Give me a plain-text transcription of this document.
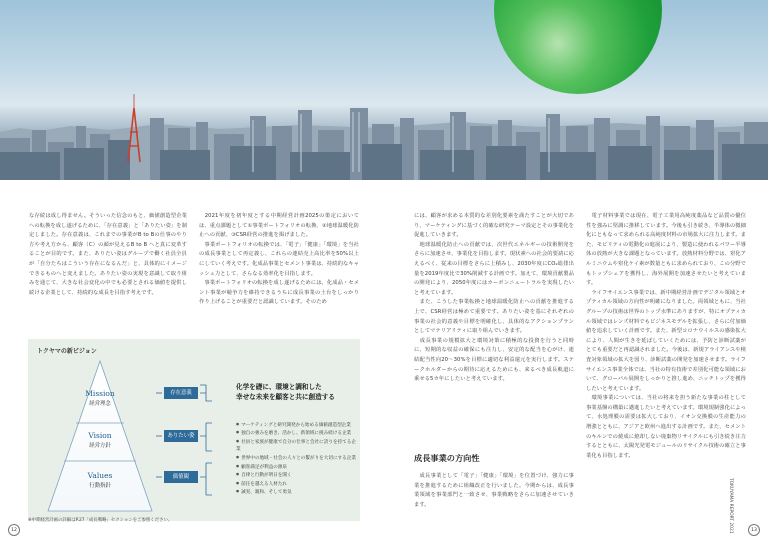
な存続は成し得ません。そういった信念のもと、価値創造型企業への転換を成し遂げるために、「存在意義」と「ありたい姿」を制定しました。存在意義は、これまでの事業がB to Bの仕事のやり方や考え方から、顧客（C）の顔が見えるB to B へと真に変革することが目的です。また、ありたい姿はグループで働く社員全員が「自分たちはこういう存在になるんだ」と、具体的にイメージできるものへと変えました。ありたい姿の実現を意識して取り組みを通じて、大きな社会変化の中でも必要とされる価値を提供し続ける企業として、持続的な成長を目指す考えです。
　2021年度を初年度とする中期経営計画2025の策定においては、重点課題として①事業ポートフォリオの転換、②地球温暖化防止への貢献、③CSR経営の推進を掲げました。
　事業ポートフォリオの転換では、「電子」「健康」「環境」を当社の成長事業として再定義し、これらの連結売上高比率を50%以上にしていく考えです。化成品事業とセメント事業は、持続的なキャッシュ力として、さらなる効率化を目指します。
　事業ポートフォリオの転換を成し遂げるためには、化成品・セメント事業が競争力を維持できるうちに成長事業の土台をしっかり作り上げることが重要だと認識しています。そのため
には、顧客が求める本質的な差別化要素を満たすことが大切であり、マーケティングに基づく的確な研究テーマ設定とその事業化を促進していきます。
　地球温暖化防止への貢献では、次世代エネルギーの技術開発をさらに加速させ、事業化を目指します。現状素への社会的要請に応えるべく、従来の目標をさらに上積みし、2030年度にCO₂総排出量を2019年度比で30%削減する計画です。加えて、環境貢献製品の開発により、2050年度にはカーボンニュートラルを実現したいと考えています。
　また、こうした事業転換と地球温暖化防止への貢献を推進する上で、CSR経営は極めて重要です。ありたい姿を基にそれぞれの事業の社会的意義や目標を明確化し、具体的なアクションプランとしてマテリアリティに取り組んでいきます。
　成長事業の規模拡大と環境対策に積極的な投資を行うと同時に、短期的な収益の確保にも注力し、安定的な配当を心がけ、連結配当性向20〜30%を目標に適切な利益還元を実行します。ステークホルダーからの期待に応えるためにも、来るべき成長軌道に乗せる5カ年にしたいと考えています。
　電子材料事業では現在、電子工業用高純度薬品など品質の優位性を強みに堅調に推移しています。今後も引き続き、半導体の微細化にともなって求められる高純度材料の市場拡大に注力します。また、モビリティの電動化の進展により、製造に使われるパワー半導体の放熱が大きな課題となっています。放熱材料分野では、窒化アルミニウムや窒化ケイ素が数量ともに求められており、この分野でもトップシェアを獲得し、海外展開を加速させたいと考えています。
　ライフサイエンス事業では、新中期経営計画でデジタル領域とオプティカル領域の方向性が明確になりました。両領域ともに、当社グループの技術は世界のトップ水準にありますが、特にオプティカル領域ではレンズ材料でもビジネスモデルを拡張し、さらに付加価値を追求していく計画です。また、新型コロナウイルスの感染拡大により、人間が生きを延ばしていくためには、予防と診断試薬がとても重要だと再認識されました。今後は、新規アライアンスや検査対象領域の拡大を図り、診断試薬の開発を加速させます。ライフサイエンス事業全体では、当社の特有技術で差別化可能な領域において、グローバル展開をしっかりと推し進め、ニッチトップを獲得したいと考えています。
　環境事業については、当社の将来を担う新たな事業の柱として事業基盤の構築に邁進したいと考えています。環境規制強化によって、水処理膜の需要は拡大しており、イオン交換膜の生産能力の増強とともに、アジアと欧州へ進出する計画です。また、セメントのキルンでの焼成に焼却しない廃棄物リサイクルにも引き続き注力するとともに、太陽光発電モジュールのリサイクル技術の確立と事業化も目指します。
成長事業の方向性
　成長事業として「電子」「健康」「環境」を位置づけ、強力に事業を推進するために組織改正を行いました。今期からは、成長事業領域を事業部門と一致させ、事業戦略をさらに加速させていきます。
トクヤマの新ビジョン
Mission
経営理念
Vision
経営方針
Values
行動指針
存在意義
ありたい姿
価値観
化学を礎に、環境と調和した
幸せな未来を顧客と共に創造する
● マーケティングと研究開発から始める価値創造型企業
● 独自の強みを磨き、活かし、新領域に挑み続ける企業
● 社員と家族が健康で自分の仕事と会社に誇りを持てる企業
● 世界中の地域・社会の人々との繋がりを大切にする企業
● 顧客満足が利益の源泉
● 自律と行動が明日を開く
● 前任を越える人材たれ
● 誠実、親和、そして勇気
※中期経営計画の詳細はP.27「成長戦略」セクションをご参照ください。
12	13
TOKUYAMA REPORT 2021
